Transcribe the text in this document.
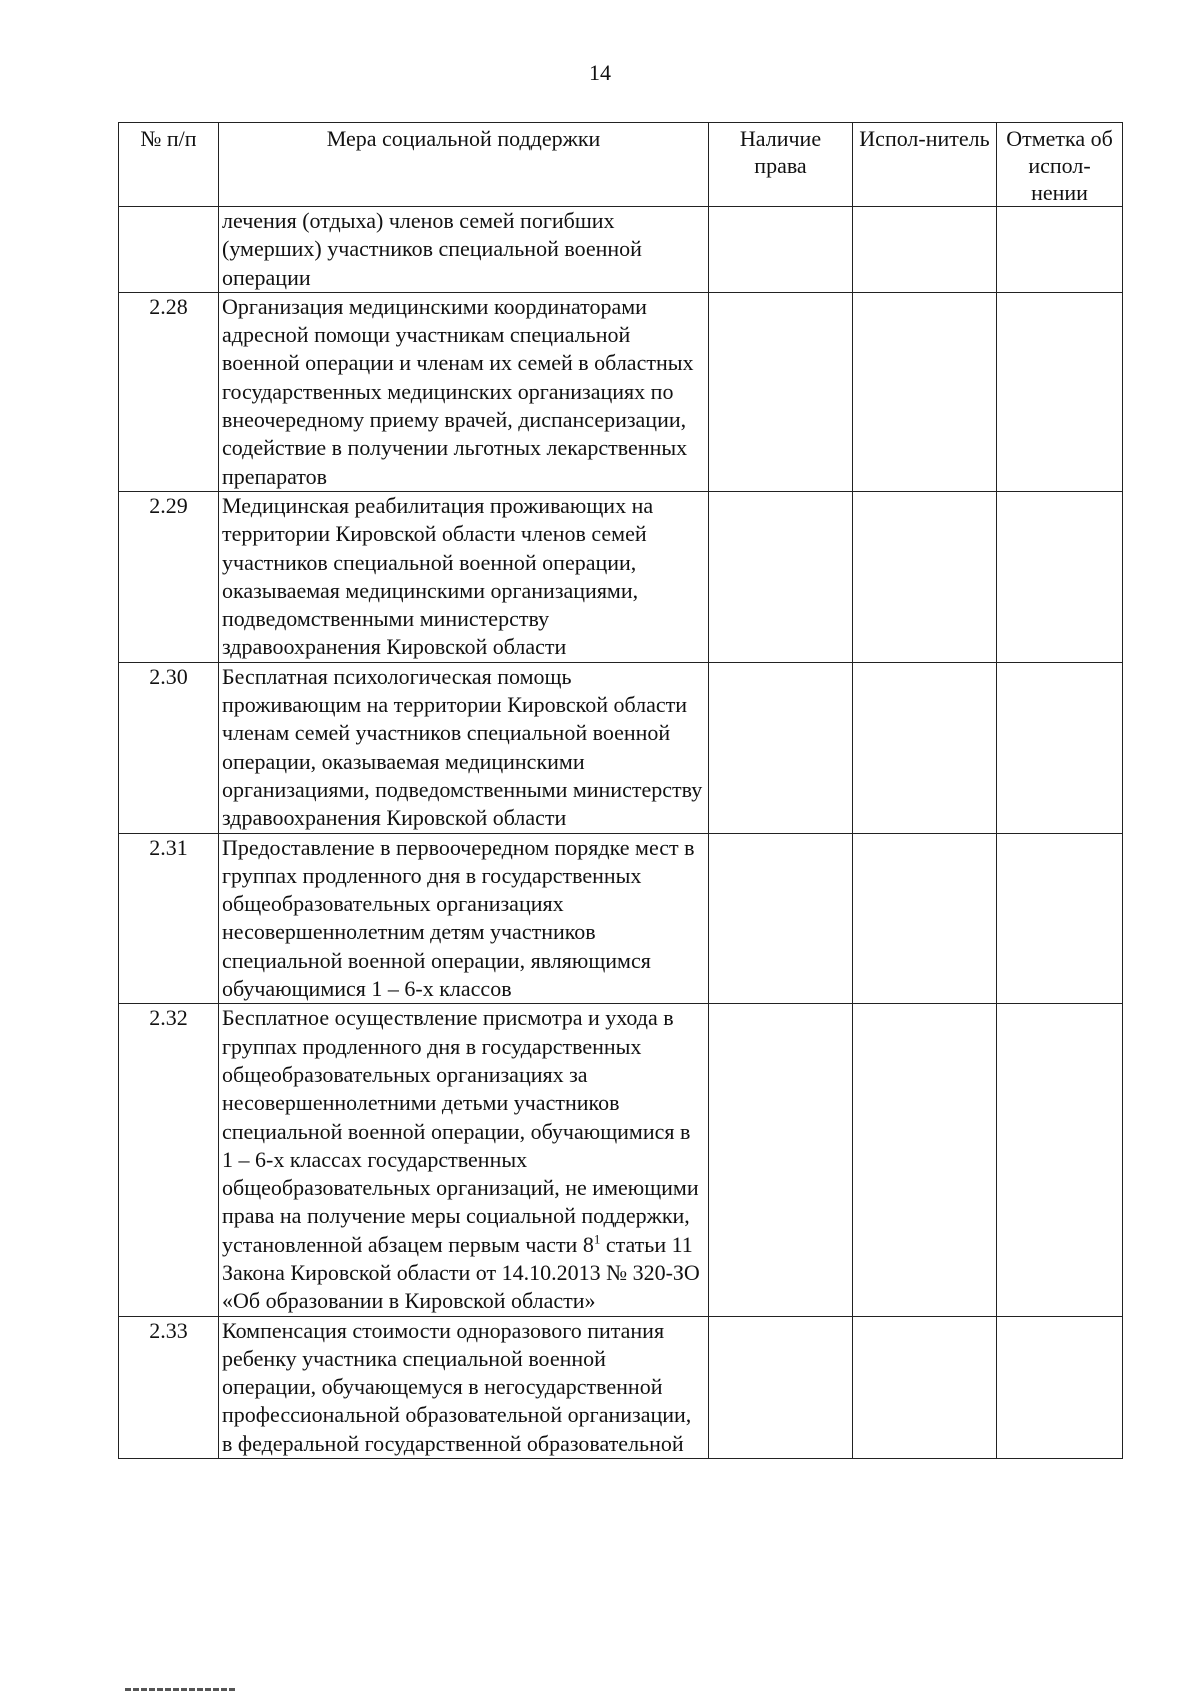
14
№ п/п	Мера социальной поддержки	Наличие права	Испол-нитель	Отметка об испол-нении
	лечения (отдыха) членов семей погибших (умерших) участников специальной военной операции			
2.28	Организация медицинскими координаторами адресной помощи участникам специальной военной операции и членам их семей в областных государственных медицинских организациях по внеочередному приему врачей, диспансеризации, содействие в получении льготных лекарственных препаратов			
2.29	Медицинская реабилитация проживающих на территории Кировской области членов семей участников специальной военной операции, оказываемая медицинскими организациями, подведомственными министерству здравоохранения Кировской области			
2.30	Бесплатная психологическая помощь проживающим на территории Кировской области членам семей участников специальной военной операции, оказываемая медицинскими организациями, подведомственными министерству здравоохранения Кировской области			
2.31	Предоставление в первоочередном порядке мест в группах продленного дня в государственных общеобразовательных организациях несовершеннолетним детям участников специальной военной операции, являющимся обучающимися 1 – 6-х классов			
2.32	Бесплатное осуществление присмотра и ухода в группах продленного дня в государственных общеобразовательных организациях за несовершеннолетними детьми участников специальной военной операции, обучающимися в 1 – 6-х классах государственных общеобразовательных организаций, не имеющими права на получение меры социальной поддержки, установленной абзацем первым части $8^1$ статьи 11 Закона Кировской области от 14.10.2013 № 320-ЗО «Об образовании в Кировской области»			
2.33	Компенсация стоимости одноразового питания ребенку участника специальной военной операции, обучающемуся в негосударственной профессиональной образовательной организации, в федеральной государственной образовательной			
